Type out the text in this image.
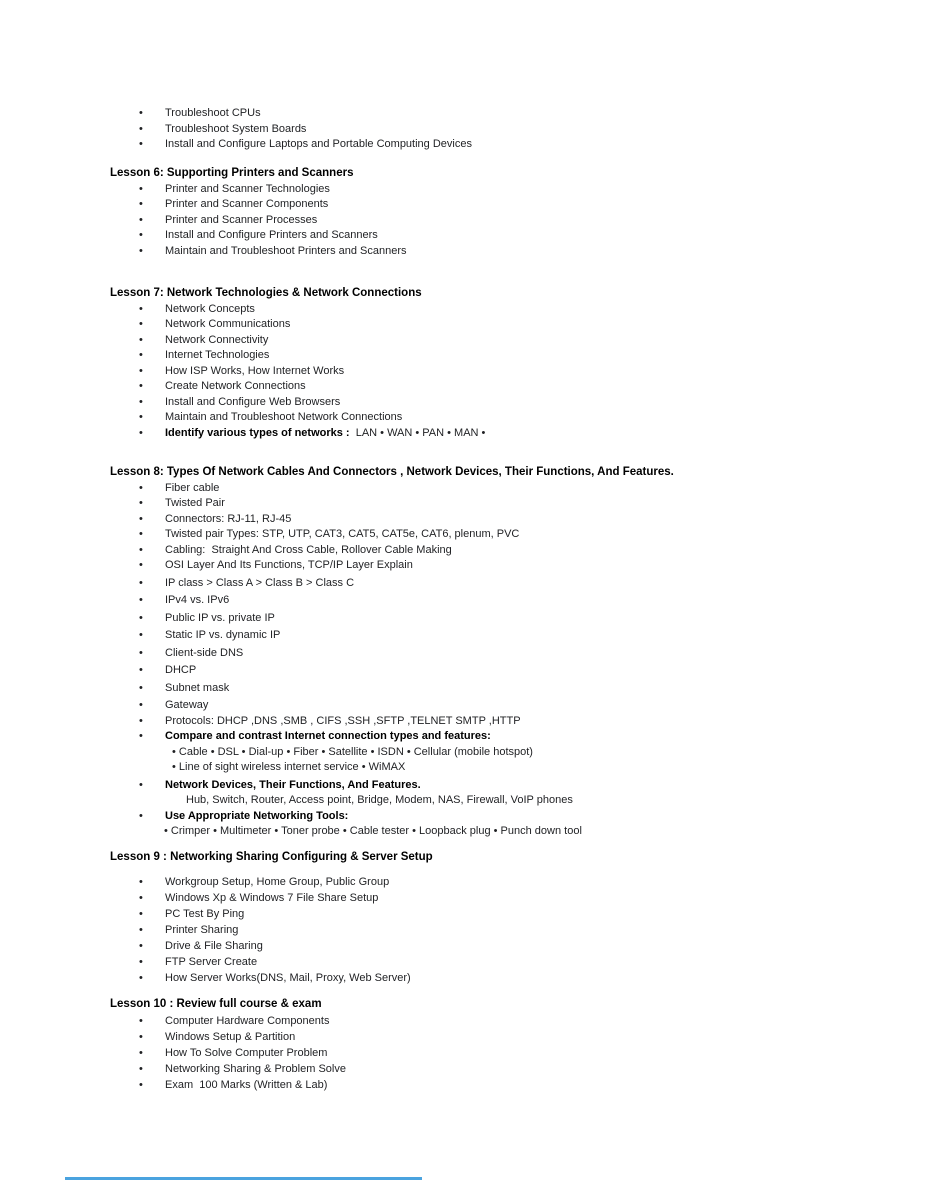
• Troubleshoot CPUs
• Troubleshoot System Boards
• Install and Configure Laptops and Portable Computing Devices
Lesson 6: Supporting Printers and Scanners
• Printer and Scanner Technologies
• Printer and Scanner Components
• Printer and Scanner Processes
• Install and Configure Printers and Scanners
• Maintain and Troubleshoot Printers and Scanners
Lesson 7: Network Technologies & Network Connections
• Network Concepts
• Network Communications
• Network Connectivity
• Internet Technologies
• How ISP Works, How Internet Works
• Create Network Connections
• Install and Configure Web Browsers
• Maintain and Troubleshoot Network Connections
• Identify various types of networks :  LAN • WAN • PAN • MAN •
Lesson 8: Types Of Network Cables And Connectors , Network Devices, Their Functions, And Features.
• Fiber cable
• Twisted Pair
• Connectors: RJ-11, RJ-45
• Twisted pair Types: STP, UTP, CAT3, CAT5, CAT5e, CAT6, plenum, PVC
• Cabling:  Straight And Cross Cable, Rollover Cable Making
• OSI Layer And Its Functions, TCP/IP Layer Explain
• IP class > Class A > Class B > Class C
• IPv4 vs. IPv6
• Public IP vs. private IP
• Static IP vs. dynamic IP
• Client-side DNS
• DHCP
• Subnet mask
• Gateway
• Protocols: DHCP ,DNS ,SMB , CIFS ,SSH ,SFTP ,TELNET SMTP ,HTTP
• Compare and contrast Internet connection types and features:
• Cable • DSL • Dial-up • Fiber • Satellite • ISDN • Cellular (mobile hotspot)
• Line of sight wireless internet service • WiMAX
• Network Devices, Their Functions, And Features.
Hub, Switch, Router, Access point, Bridge, Modem, NAS, Firewall, VoIP phones
• Use Appropriate Networking Tools:
• Crimper • Multimeter • Toner probe • Cable tester • Loopback plug • Punch down tool
Lesson 9 : Networking Sharing Configuring & Server Setup
• Workgroup Setup, Home Group, Public Group
• Windows Xp & Windows 7 File Share Setup
• PC Test By Ping
• Printer Sharing
• Drive & File Sharing
• FTP Server Create
• How Server Works(DNS, Mail, Proxy, Web Server)
Lesson 10 : Review full course & exam
• Computer Hardware Components
• Windows Setup & Partition
• How To Solve Computer Problem
• Networking Sharing & Problem Solve
• Exam  100 Marks (Written & Lab)
